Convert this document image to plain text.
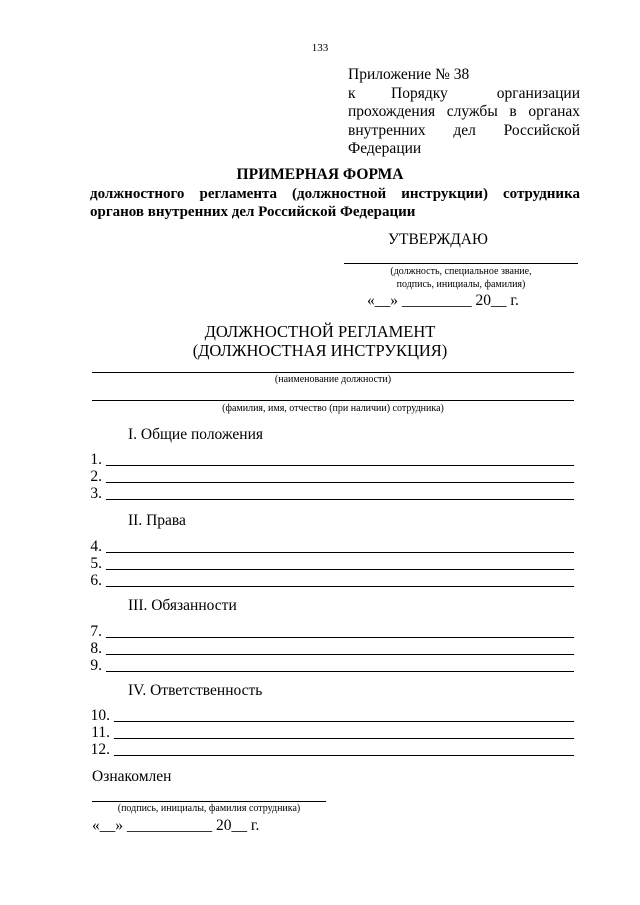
133
Приложение № 38
к Порядку организации
прохождения службы в органах
внутренних дел Российской
Федерации
ПРИМЕРНАЯ ФОРМА
должностного регламента (должностной инструкции) сотрудника
органов внутренних дел Российской Федерации
УТВЕРЖДАЮ
(должность, специальное звание,
подпись, инициалы, фамилия)
«__» _________ 20__ г.
ДОЛЖНОСТНОЙ РЕГЛАМЕНТ
(ДОЛЖНОСТНАЯ ИНСТРУКЦИЯ)
(наименование должности)
(фамилия, имя, отчество (при наличии) сотрудника)
I. Общие положения
1.
2.
3.
II. Права
4.
5.
6.
III. Обязанности
7.
8.
9.
IV. Ответственность
10.
11.
12.
Ознакомлен
(подпись, инициалы, фамилия сотрудника)
«__» ___________ 20__ г.
